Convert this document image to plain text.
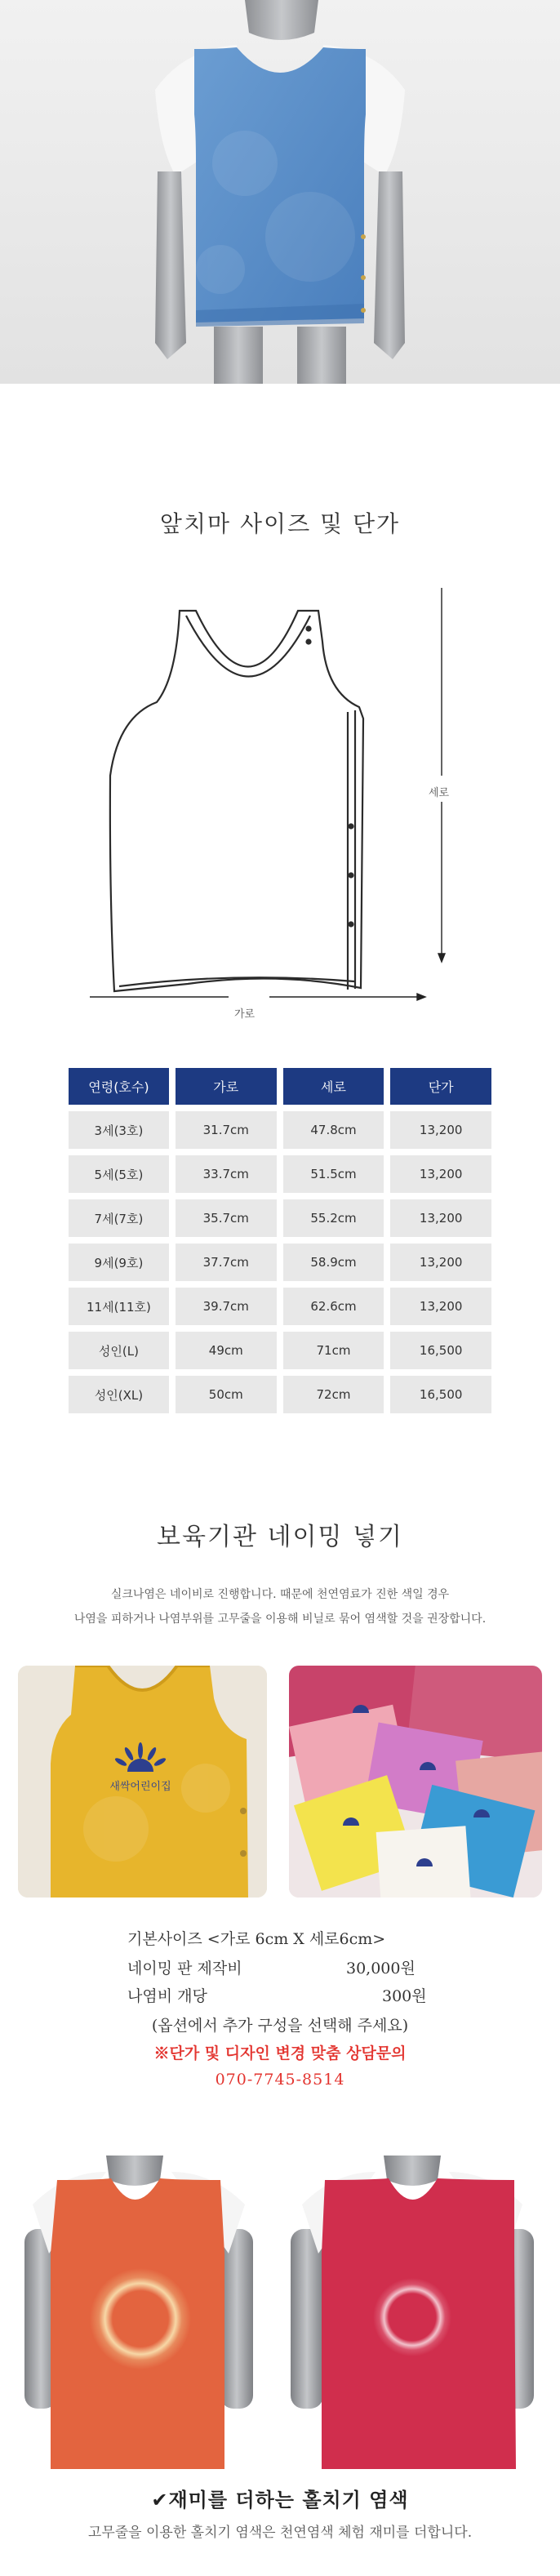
앞치마 사이즈 및 단가
가로
세로
연령(호수)	가로	세로	단가
3세(3호)	31.7cm	47.8cm	13,200
5세(5호)	33.7cm	51.5cm	13,200
7세(7호)	35.7cm	55.2cm	13,200
9세(9호)	37.7cm	58.9cm	13,200
11세(11호)	39.7cm	62.6cm	13,200
성인(L)	49cm	71cm	16,500
성인(XL)	50cm	72cm	16,500
보육기관 네이밍 넣기
실크나염은 네이비로 진행합니다. 때문에 천연염료가 진한 색일 경우
나염을 피하거나 나염부위를 고무줄을 이용해 비닐로 묶어 염색할 것을 권장합니다.
새싹어린이집
기본사이즈 <가로 6cm X 세로6cm>
네이밍 판 제작비	30,000원
나염비 개당	300원
(옵션에서 추가 구성을 선택해 주세요)
※단가 및 디자인 변경 맞춤 상담문의
070-7745-8514
✔재미를 더하는 홀치기 염색
고무줄을 이용한 홀치기 염색은 천연염색 체험 재미를 더합니다.
